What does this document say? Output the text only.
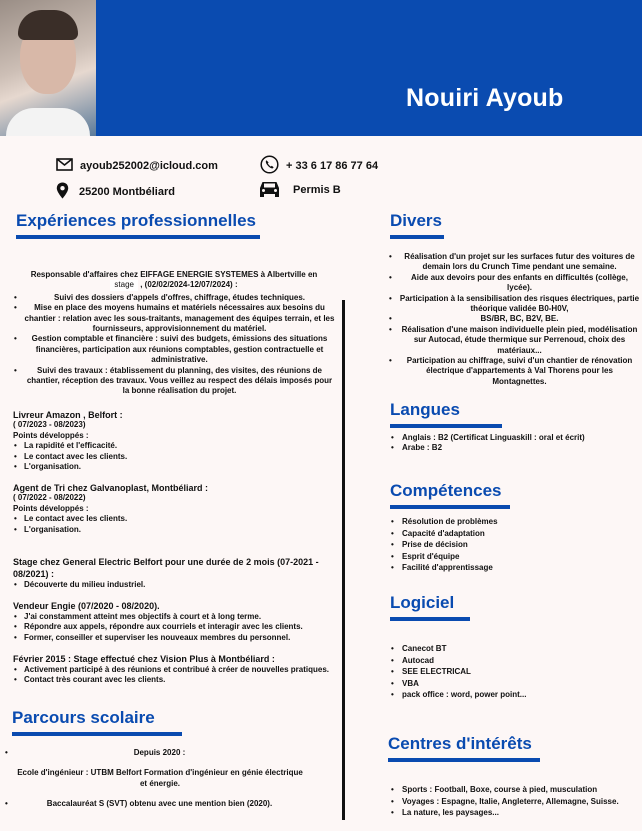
Nouiri Ayoub
ayoub252002@icloud.com	+ 33 6 17 86 77 64
25200 Montbéliard	Permis B
Expériences professionnelles
Responsable d'affaires chez EIFFAGE ENERGIE SYSTEMES à Albertville en
stage , (02/02/2024-12/07/2024) :
• Suivi des dossiers d'appels d'offres, chiffrage, études techniques.
• Mise en place des moyens humains et matériels nécessaires aux besoins du chantier : relation avec les sous-traitants, management des équipes terrain, et les fournisseurs, approvisionnement du matériel.
• Gestion comptable et financière : suivi des budgets, émissions des situations financières, participation aux réunions comptables, gestion contractuelle et administrative.
• Suivi des travaux : établissement du planning, des visites, des réunions de chantier, réception des travaux. Vous veillez au respect des délais imposés pour la bonne réalisation du projet.
Livreur Amazon , Belfort :
( 07/2023 - 08/2023)
Points développés :
• La rapidité et l'efficacité.
• Le contact avec les clients.
• L'organisation.
Agent de Tri chez Galvanoplast, Montbéliard :
( 07/2022 - 08/2022)
Points développés :
• Le contact avec les clients.
• L'organisation.
Stage chez General Electric Belfort pour une durée de 2 mois (07-2021 - 08/2021) :
• Découverte du milieu industriel.
Vendeur Engie (07/2020 - 08/2020).
• J'ai constamment atteint mes objectifs à court et à long terme.
• Répondre aux appels, répondre aux courriels et interagir avec les clients.
• Former, conseiller et superviser les nouveaux membres du personnel.
Février 2015 : Stage effectué chez Vision Plus à Montbéliard :
• Activement participé à des réunions et contribué à créer de nouvelles pratiques.
• Contact très courant avec les clients.
Parcours scolaire
• Depuis 2020 :
Ecole d'ingénieur : UTBM Belfort Formation d'ingénieur en génie électrique et énergie.
• Baccalauréat S (SVT) obtenu avec une mention bien (2020).
Divers
• Réalisation d'un projet sur les surfaces futur des voitures de demain lors du Crunch Time pendant une semaine.
• Aide aux devoirs pour des enfants en difficultés (collège, lycée).
• Participation à la sensibilisation des risques électriques, partie théorique validée B0-H0V,
• BS/BR, BC, B2V, BE.
• Réalisation d'une maison individuelle plein pied, modélisation sur Autocad, étude thermique sur Perrenoud, choix des matériaux...
• Participation au chiffrage, suivi d'un chantier de rénovation électrique d'appartements à Val Thorens pour les Montagnettes.
Langues
• Anglais : B2 (Certificat Linguaskill : oral et écrit)
• Arabe : B2
Compétences
• Résolution de problèmes
• Capacité d'adaptation
• Prise de décision
• Esprit d'équipe
• Facilité d'apprentissage
Logiciel
• Canecot BT
• Autocad
• SEE ELECTRICAL
• VBA
• pack office : word, power point...
Centres d'intérêts
• Sports : Football, Boxe, course à pied, musculation
• Voyages : Espagne, Italie, Angleterre, Allemagne, Suisse.
• La nature, les paysages...
